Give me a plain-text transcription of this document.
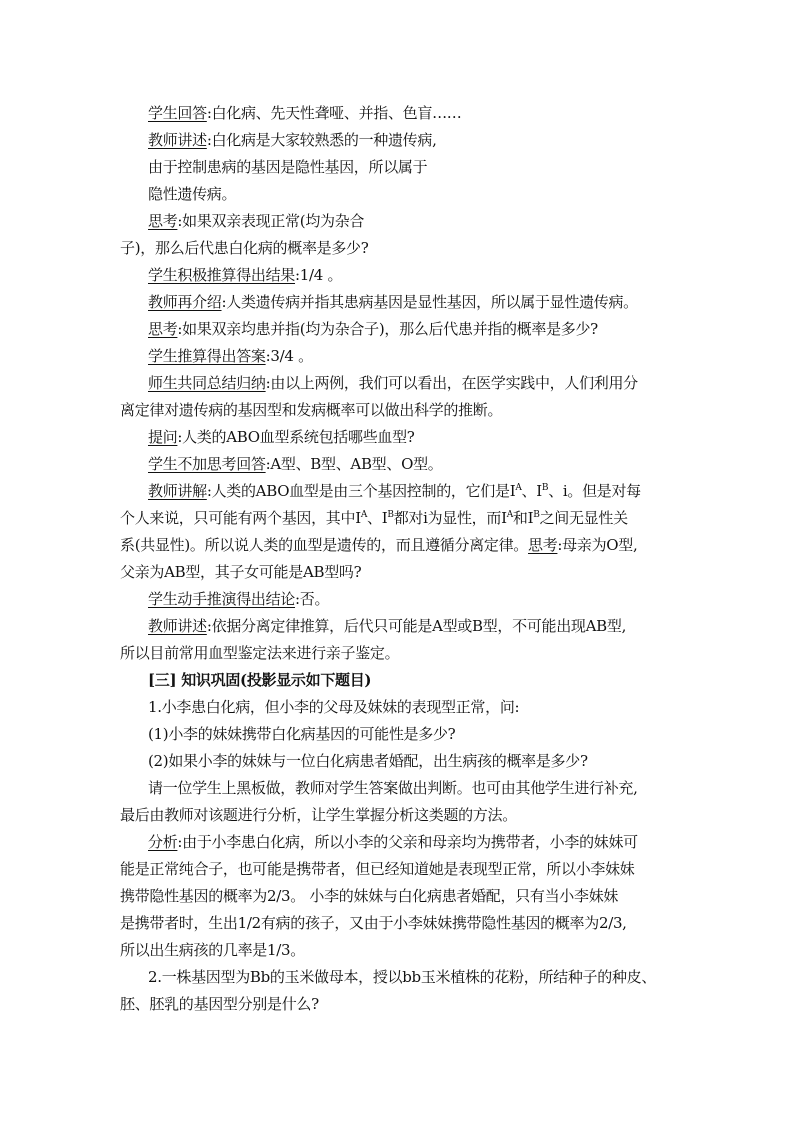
学生回答:白化病、先天性聋哑、并指、色盲……
教师讲述:白化病是大家较熟悉的一种遗传病,
由于控制患病的基因是隐性基因，所以属于
隐性遗传病。
思考:如果双亲表现正常(均为杂合
子)，那么后代患白化病的概率是多少?
学生积极推算得出结果:1/4 。
教师再介绍:人类遗传病并指其患病基因是显性基因，所以属于显性遗传病。
思考:如果双亲均患并指(均为杂合子)，那么后代患并指的概率是多少?
学生推算得出答案:3/4 。
师生共同总结归纳:由以上两例，我们可以看出，在医学实践中，人们利用分
离定律对遗传病的基因型和发病概率可以做出科学的推断。
提问:人类的ABO血型系统包括哪些血型?
学生不加思考回答:A型、B型、AB型、O型。
教师讲解:人类的ABO血型是由三个基因控制的，它们是$I^A$、$I^B$、i。但是对每
个人来说，只可能有两个基因，其中$I^A$、$I^B$都对i为显性，而$I^A$和$I^B$之间无显性关
系(共显性)。所以说人类的血型是遗传的，而且遵循分离定律。思考:母亲为O型,
父亲为AB型，其子女可能是AB型吗?
学生动手推演得出结论:否。
教师讲述:依据分离定律推算，后代只可能是A型或B型，不可能出现AB型,
所以目前常用血型鉴定法来进行亲子鉴定。
[三] 知识巩固(投影显示如下题目)
1.小李患白化病，但小李的父母及妹妹的表现型正常，问:
(1)小李的妹妹携带白化病基因的可能性是多少?
(2)如果小李的妹妹与一位白化病患者婚配，出生病孩的概率是多少?
请一位学生上黑板做，教师对学生答案做出判断。也可由其他学生进行补充,
最后由教师对该题进行分析，让学生掌握分析这类题的方法。
分析:由于小李患白化病，所以小李的父亲和母亲均为携带者，小李的妹妹可
能是正常纯合子，也可能是携带者，但已经知道她是表现型正常，所以小李妹妹
携带隐性基因的概率为2/3。 小李的妹妹与白化病患者婚配，只有当小李妹妹
是携带者时，生出1/2有病的孩子，又由于小李妹妹携带隐性基因的概率为2/3,
所以出生病孩的几率是1/3。
2.一株基因型为Bb的玉米做母本，授以bb玉米植株的花粉，所结种子的种皮、
胚、胚乳的基因型分别是什么?
